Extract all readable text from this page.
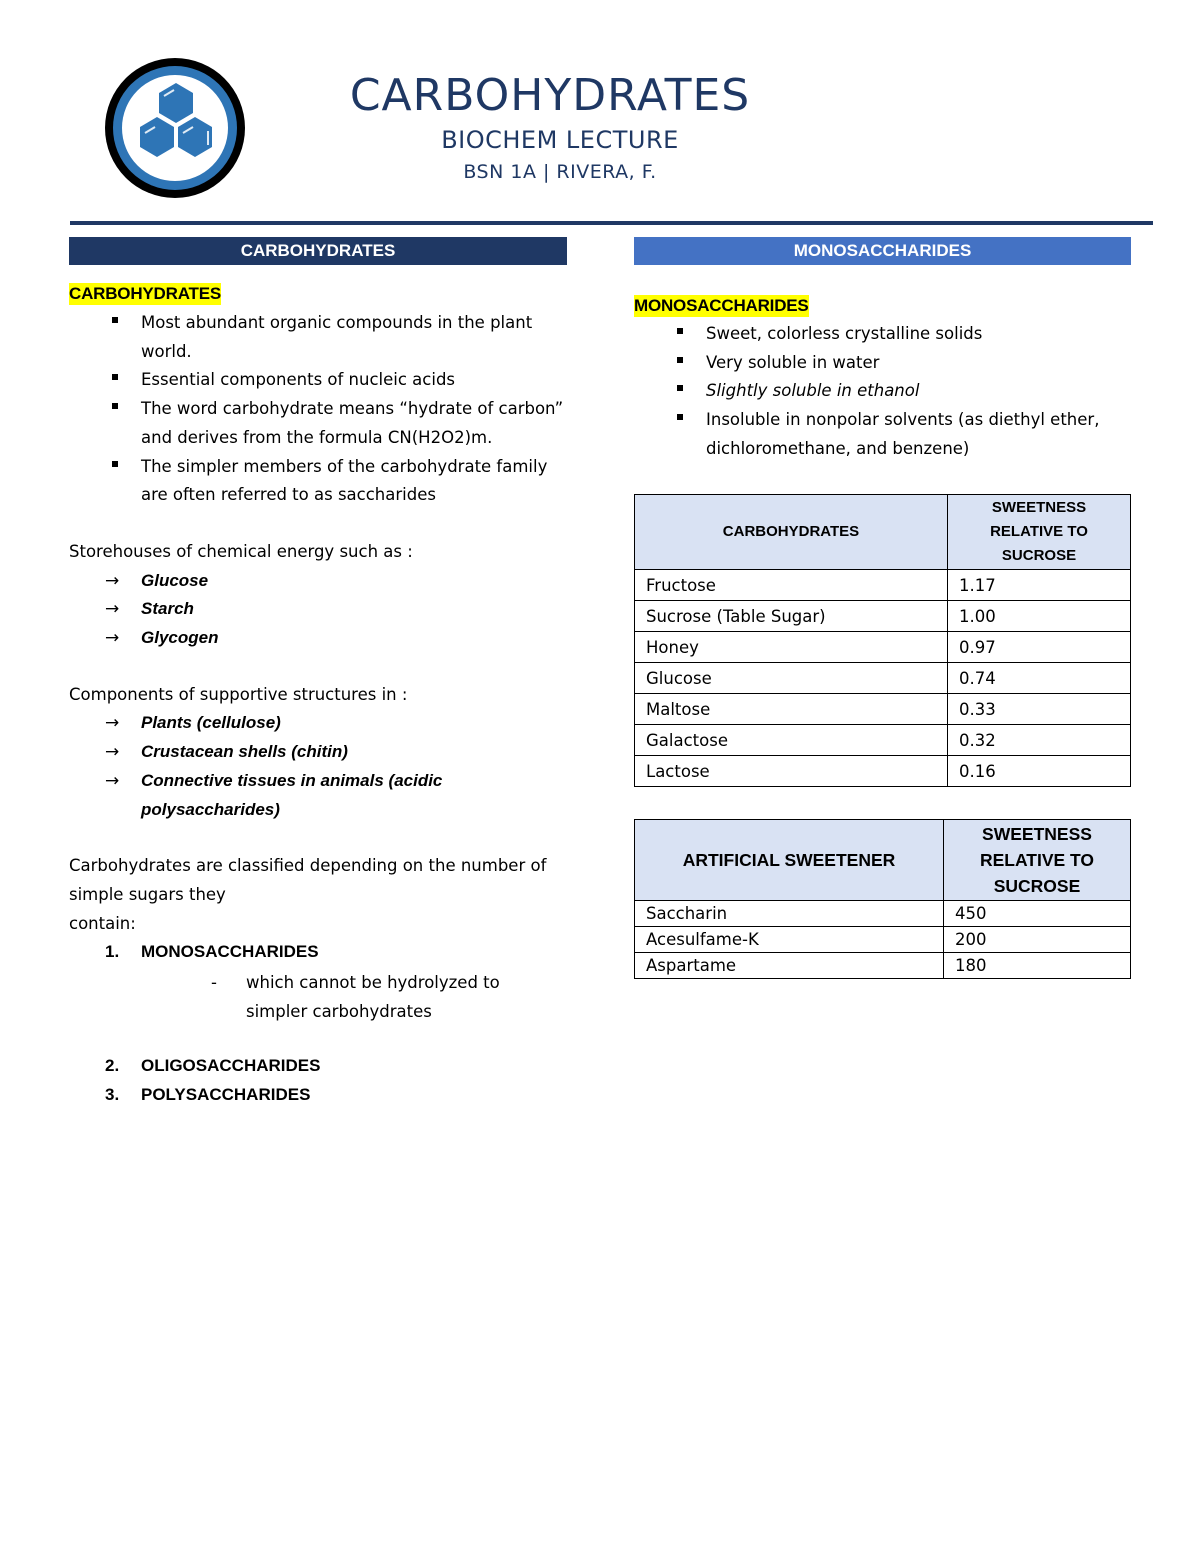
CARBOHYDRATES
BIOCHEM LECTURE
BSN 1A | RIVERA, F.
CARBOHYDRATES
CARBOHYDRATES
Most abundant organic compounds in the plant world.
Essential components of nucleic acids
The word carbohydrate means “hydrate of carbon” and derives from the formula CN(H2O2)m.
The simpler members of the carbohydrate family are often referred to as saccharides
Storehouses of chemical energy such as :
→ Glucose
→ Starch
→ Glycogen
Components of supportive structures in :
→ Plants (cellulose)
→ Crustacean shells (chitin)
→ Connective tissues in animals (acidic polysaccharides)
Carbohydrates are classified depending on the number of simple sugars they
contain:
1. MONOSACCHARIDES
- which cannot be hydrolyzed to simpler carbohydrates
2. OLIGOSACCHARIDES
3. POLYSACCHARIDES
MONOSACCHARIDES
MONOSACCHARIDES
Sweet, colorless crystalline solids
Very soluble in water
Slightly soluble in ethanol
Insoluble in nonpolar solvents (as diethyl ether, dichloromethane, and benzene)
CARBOHYDRATES	SWEETNESS RELATIVE TO SUCROSE
Fructose	1.17
Sucrose (Table Sugar)	1.00
Honey	0.97
Glucose	0.74
Maltose	0.33
Galactose	0.32
Lactose	0.16
ARTIFICIAL SWEETENER	SWEETNESS RELATIVE TO SUCROSE
Saccharin	450
Acesulfame-K	200
Aspartame	180
